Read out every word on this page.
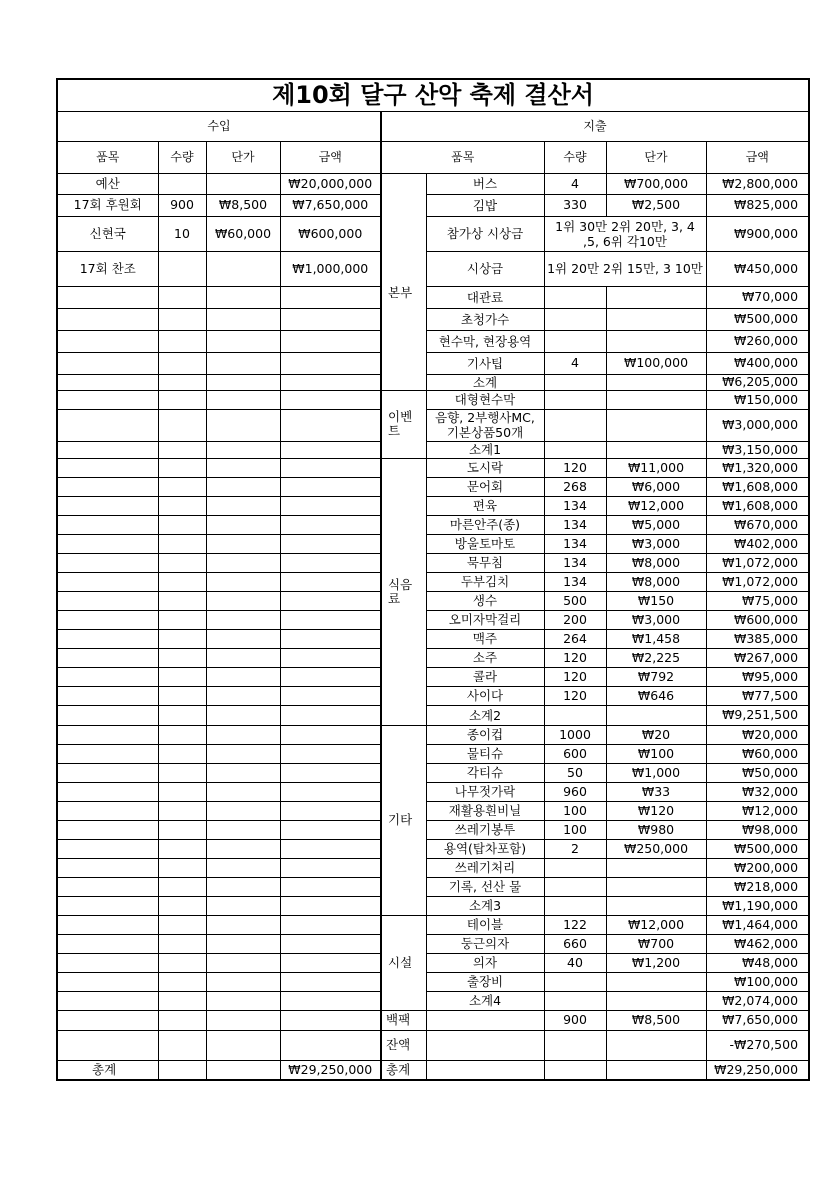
제10회 달구 산악 축제 결산서								
수입				지출				
품목	수량	단가	금액	품목		수량	단가	금액
예산			₩20,000,000	본부	버스	4	₩700,000	₩2,800,000
17회 후원회	900	₩8,500	₩7,650,000		김밥	330	₩2,500	₩825,000
신현국	10	₩60,000	₩600,000		참가상 시상금	1위 30만 2위 20만, 3, 4 ,5, 6위 각10만		₩900,000
17회 찬조			₩1,000,000		시상금	1위 20만 2위 15만, 3 10만		₩450,000
					대관료			₩70,000
					초청가수			₩500,000
					현수막, 현장용역			₩260,000
					기사팁	4	₩100,000	₩400,000
					소계			₩6,205,000
				이벤트	대형현수막			₩150,000
					음향, 2부행사MC, 기본상품50개			₩3,000,000
					소계1			₩3,150,000
				식음료	도시락	120	₩11,000	₩1,320,000
					문어회	268	₩6,000	₩1,608,000
					편육	134	₩12,000	₩1,608,000
					마른안주(종)	134	₩5,000	₩670,000
					방울토마토	134	₩3,000	₩402,000
					묵무침	134	₩8,000	₩1,072,000
					두부김치	134	₩8,000	₩1,072,000
					생수	500	₩150	₩75,000
					오미자막걸리	200	₩3,000	₩600,000
					맥주	264	₩1,458	₩385,000
					소주	120	₩2,225	₩267,000
					콜라	120	₩792	₩95,000
					사이다	120	₩646	₩77,500
					소계2			₩9,251,500
				기타	종이컵	1000	₩20	₩20,000
					물티슈	600	₩100	₩60,000
					각티슈	50	₩1,000	₩50,000
					나무젓가락	960	₩33	₩32,000
					재활용흰비닐	100	₩120	₩12,000
					쓰레기봉투	100	₩980	₩98,000
					용역(탑차포함)	2	₩250,000	₩500,000
					쓰레기처리			₩200,000
					기록, 선산 물			₩218,000
					소계3			₩1,190,000
				시설	테이블	122	₩12,000	₩1,464,000
					둥근의자	660	₩700	₩462,000
					의자	40	₩1,200	₩48,000
					출장비			₩100,000
					소계4			₩2,074,000
				백팩		900	₩8,500	₩7,650,000
				잔액				-₩270,500
총계			₩29,250,000	총계				₩29,250,000
